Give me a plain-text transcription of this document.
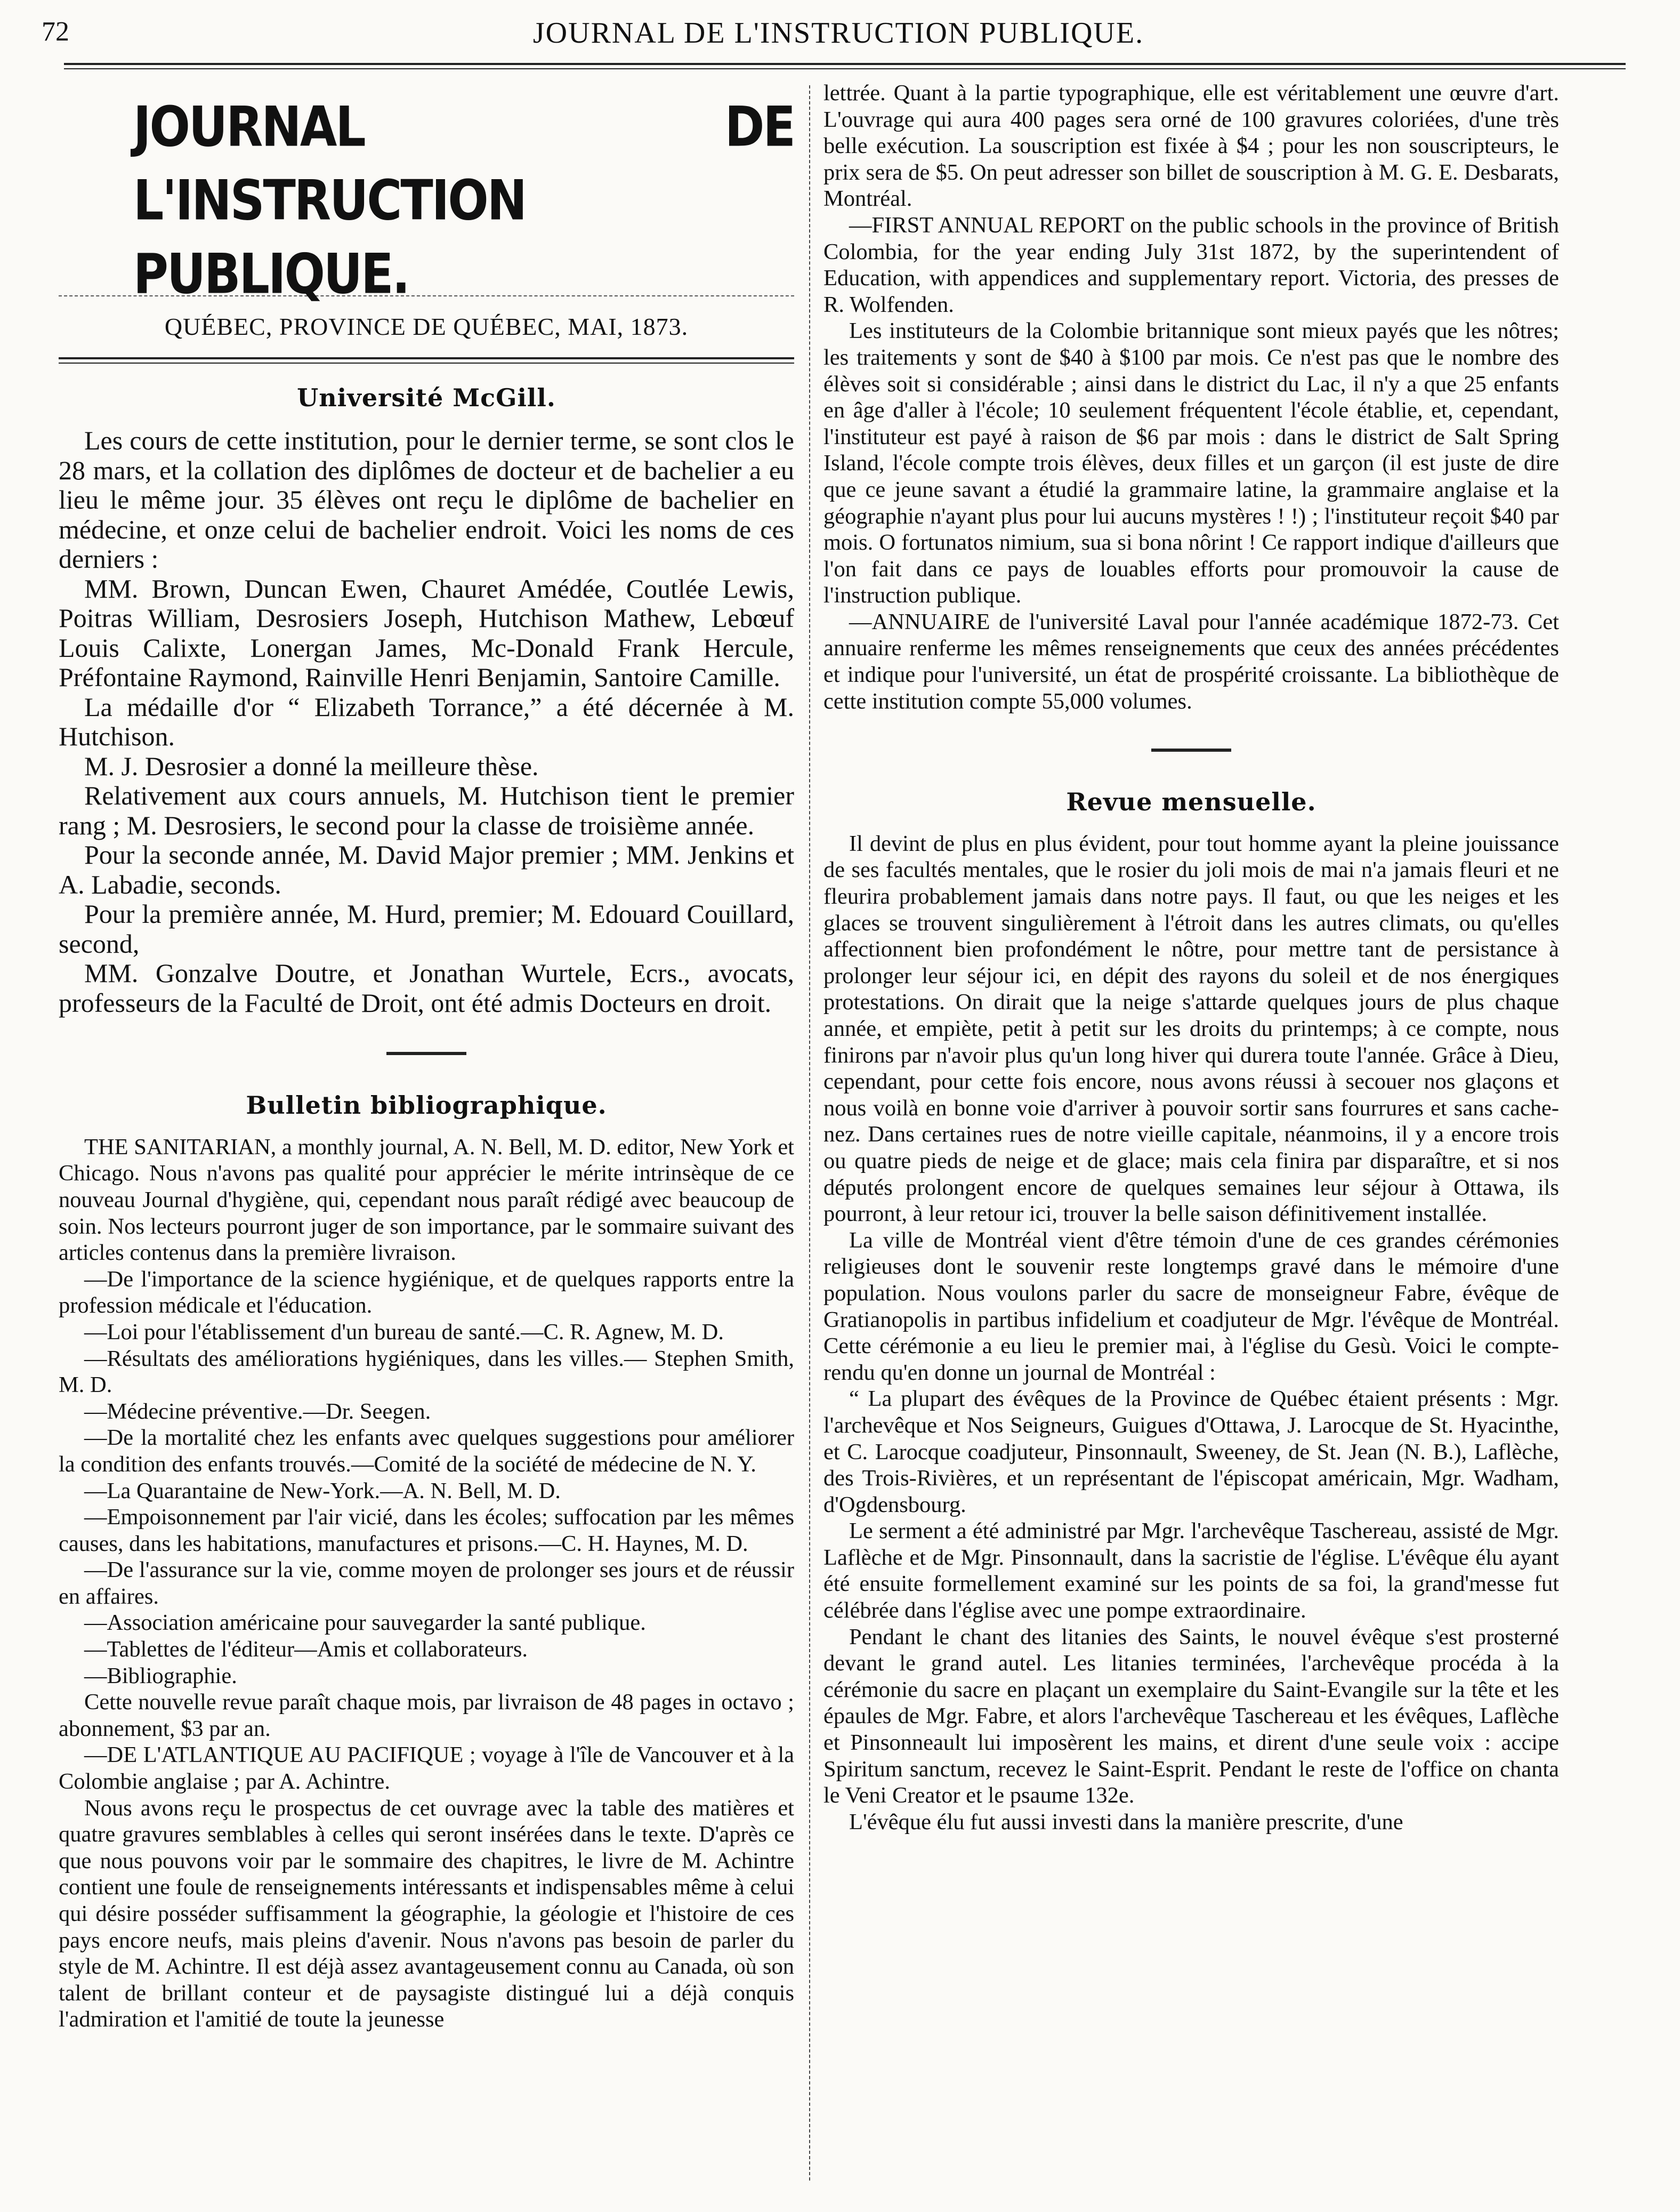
72	JOURNAL DE L'INSTRUCTION PUBLIQUE.
JOURNAL DE L'INSTRUCTION PUBLIQUE.
QUÉBEC, PROVINCE DE QUÉBEC, MAI, 1873.
Université McGill.

Les cours de cette institution, pour le dernier terme, se sont clos le 28 mars, et la collation des diplômes de docteur et de bachelier a eu lieu le même jour. 35 élèves ont reçu le diplôme de bachelier en médecine, et onze celui de bachelier endroit. Voici les noms de ces derniers :

MM. Brown, Duncan Ewen, Chauret Amédée, Coutlée Lewis, Poitras William, Desrosiers Joseph, Hutchison Mathew, Lebœuf Louis Calixte, Lonergan James, Mc-Donald Frank Hercule, Préfontaine Raymond, Rainville Henri Benjamin, Santoire Camille.

La médaille d'or “ Elizabeth Torrance,” a été décernée à M. Hutchison.

M. J. Desrosier a donné la meilleure thèse.

Relativement aux cours annuels, M. Hutchison tient le premier rang ; M. Desrosiers, le second pour la classe de troisième année.

Pour la seconde année, M. David Major premier ; MM. Jenkins et A. Labadie, seconds.

Pour la première année, M. Hurd, premier; M. Edouard Couillard, second,

MM. Gonzalve Doutre, et Jonathan Wurtele, Ecrs., avocats, professeurs de la Faculté de Droit, ont été admis Docteurs en droit.

Bulletin bibliographique.

THE SANITARIAN, a monthly journal, A. N. Bell, M. D. editor, New York et Chicago. Nous n'avons pas qualité pour apprécier le mérite intrinsèque de ce nouveau Journal d'hygiène, qui, cependant nous paraît rédigé avec beaucoup de soin. Nos lecteurs pourront juger de son importance, par le sommaire suivant des articles contenus dans la première livraison.

—De l'importance de la science hygiénique, et de quelques rapports entre la profession médicale et l'éducation.

—Loi pour l'établissement d'un bureau de santé.—C. R. Agnew, M. D.

—Résultats des améliorations hygiéniques, dans les villes.— Stephen Smith, M. D.

—Médecine préventive.—Dr. Seegen.

—De la mortalité chez les enfants avec quelques suggestions pour améliorer la condition des enfants trouvés.—Comité de la société de médecine de N. Y.

—La Quarantaine de New-York.—A. N. Bell, M. D.

—Empoisonnement par l'air vicié, dans les écoles; suffocation par les mêmes causes, dans les habitations, manufactures et prisons.—C. H. Haynes, M. D.

—De l'assurance sur la vie, comme moyen de prolonger ses jours et de réussir en affaires.

—Association américaine pour sauvegarder la santé publique.

—Tablettes de l'éditeur—Amis et collaborateurs.

—Bibliographie.

Cette nouvelle revue paraît chaque mois, par livraison de 48 pages in octavo ; abonnement, $3 par an.

—DE L'ATLANTIQUE AU PACIFIQUE ; voyage à l'île de Vancouver et à la Colombie anglaise ; par A. Achintre.

Nous avons reçu le prospectus de cet ouvrage avec la table des matières et quatre gravures semblables à celles qui seront insérées dans le texte. D'après ce que nous pouvons voir par le sommaire des chapitres, le livre de M. Achintre contient une foule de renseignements intéressants et indispensables même à celui qui désire posséder suffisamment la géographie, la géologie et l'histoire de ces pays encore neufs, mais pleins d'avenir. Nous n'avons pas besoin de parler du style de M. Achintre. Il est déjà assez avantageusement connu au Canada, où son talent de brillant conteur et de paysagiste distingué lui a déjà conquis l'admiration et l'amitié de toute la jeunesse

lettrée. Quant à la partie typographique, elle est véritablement une œuvre d'art. L'ouvrage qui aura 400 pages sera orné de 100 gravures coloriées, d'une très belle exécution. La souscription est fixée à $4 ; pour les non souscripteurs, le prix sera de $5. On peut adresser son billet de souscription à M. G. E. Desbarats, Montréal.

—FIRST ANNUAL REPORT on the public schools in the province of British Colombia, for the year ending July 31st 1872, by the superintendent of Education, with appendices and supplementary report. Victoria, des presses de R. Wolfenden.

Les instituteurs de la Colombie britannique sont mieux payés que les nôtres; les traitements y sont de $40 à $100 par mois. Ce n'est pas que le nombre des élèves soit si considérable ; ainsi dans le district du Lac, il n'y a que 25 enfants en âge d'aller à l'école; 10 seulement fréquentent l'école établie, et, cependant, l'instituteur est payé à raison de $6 par mois : dans le district de Salt Spring Island, l'école compte trois élèves, deux filles et un garçon (il est juste de dire que ce jeune savant a étudié la grammaire latine, la grammaire anglaise et la géographie n'ayant plus pour lui aucuns mystères ! !) ; l'instituteur reçoit $40 par mois. O fortunatos nimium, sua si bona nôrint ! Ce rapport indique d'ailleurs que l'on fait dans ce pays de louables efforts pour promouvoir la cause de l'instruction publique.

—ANNUAIRE de l'université Laval pour l'année académique 1872-73. Cet annuaire renferme les mêmes renseignements que ceux des années précédentes et indique pour l'université, un état de prospérité croissante. La bibliothèque de cette institution compte 55,000 volumes.

Revue mensuelle.

Il devint de plus en plus évident, pour tout homme ayant la pleine jouissance de ses facultés mentales, que le rosier du joli mois de mai n'a jamais fleuri et ne fleurira probablement jamais dans notre pays. Il faut, ou que les neiges et les glaces se trouvent singulièrement à l'étroit dans les autres climats, ou qu'elles affectionnent bien profondément le nôtre, pour mettre tant de persistance à prolonger leur séjour ici, en dépit des rayons du soleil et de nos énergiques protestations. On dirait que la neige s'attarde quelques jours de plus chaque année, et empiète, petit à petit sur les droits du printemps; à ce compte, nous finirons par n'avoir plus qu'un long hiver qui durera toute l'année. Grâce à Dieu, cependant, pour cette fois encore, nous avons réussi à secouer nos glaçons et nous voilà en bonne voie d'arriver à pouvoir sortir sans fourrures et sans cache-nez. Dans certaines rues de notre vieille capitale, néanmoins, il y a encore trois ou quatre pieds de neige et de glace; mais cela finira par disparaître, et si nos députés prolongent encore de quelques semaines leur séjour à Ottawa, ils pourront, à leur retour ici, trouver la belle saison définitivement installée.

La ville de Montréal vient d'être témoin d'une de ces grandes cérémonies religieuses dont le souvenir reste longtemps gravé dans le mémoire d'une population. Nous voulons parler du sacre de monseigneur Fabre, évêque de Gratianopolis in partibus infidelium et coadjuteur de Mgr. l'évêque de Montréal. Cette cérémonie a eu lieu le premier mai, à l'église du Gesù. Voici le compte-rendu qu'en donne un journal de Montréal :

“ La plupart des évêques de la Province de Québec étaient présents : Mgr. l'archevêque et Nos Seigneurs, Guigues d'Ottawa, J. Larocque de St. Hyacinthe, et C. Larocque coadjuteur, Pinsonnault, Sweeney, de St. Jean (N. B.), Laflèche, des Trois-Rivières, et un représentant de l'épiscopat américain, Mgr. Wadham, d'Ogdensbourg.

Le serment a été administré par Mgr. l'archevêque Taschereau, assisté de Mgr. Laflèche et de Mgr. Pinsonnault, dans la sacristie de l'église. L'évêque élu ayant été ensuite formellement examiné sur les points de sa foi, la grand'messe fut célébrée dans l'église avec une pompe extraordinaire.

Pendant le chant des litanies des Saints, le nouvel évêque s'est prosterné devant le grand autel. Les litanies terminées, l'archevêque procéda à la cérémonie du sacre en plaçant un exemplaire du Saint-Evangile sur la tête et les épaules de Mgr. Fabre, et alors l'archevêque Taschereau et les évêques, Laflèche et Pinsonneault lui imposèrent les mains, et dirent d'une seule voix : accipe Spiritum sanctum, recevez le Saint-Esprit. Pendant le reste de l'office on chanta le Veni Creator et le psaume 132e.

L'évêque élu fut aussi investi dans la manière prescrite, d'une
